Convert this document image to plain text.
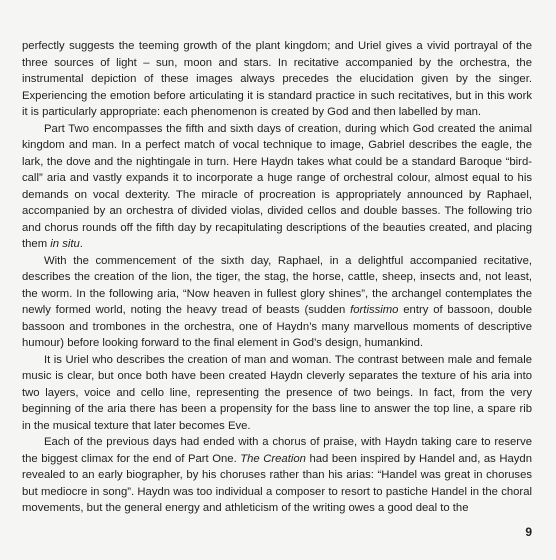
perfectly suggests the teeming growth of the plant kingdom; and Uriel gives a vivid portrayal of the three sources of light – sun, moon and stars. In recitative accompanied by the orchestra, the instrumental depiction of these images always precedes the elucidation given by the singer. Experiencing the emotion before articulating it is standard practice in such recitatives, but in this work it is particularly appropriate: each phenomenon is created by God and then labelled by man.

Part Two encompasses the fifth and sixth days of creation, during which God created the animal kingdom and man. In a perfect match of vocal technique to image, Gabriel describes the eagle, the lark, the dove and the nightingale in turn. Here Haydn takes what could be a standard Baroque “bird-call” aria and vastly expands it to incorporate a huge range of orchestral colour, almost equal to his demands on vocal dexterity. The miracle of procreation is appropriately announced by Raphael, accompanied by an orchestra of divided violas, divided cellos and double basses. The following trio and chorus rounds off the fifth day by recapitulating descriptions of the beauties created, and placing them in situ.

With the commencement of the sixth day, Raphael, in a delightful accompanied recitative, describes the creation of the lion, the tiger, the stag, the horse, cattle, sheep, insects and, not least, the worm. In the following aria, “Now heaven in fullest glory shines”, the archangel contemplates the newly formed world, noting the heavy tread of beasts (sudden fortissimo entry of bassoon, double bassoon and trombones in the orchestra, one of Haydn’s many marvellous moments of descriptive humour) before looking forward to the final element in God’s design, humankind.

It is Uriel who describes the creation of man and woman. The contrast between male and female music is clear, but once both have been created Haydn cleverly separates the texture of his aria into two layers, voice and cello line, representing the presence of two beings. In fact, from the very beginning of the aria there has been a propensity for the bass line to answer the top line, a spare rib in the musical texture that later becomes Eve.

Each of the previous days had ended with a chorus of praise, with Haydn taking care to reserve the biggest climax for the end of Part One. The Creation had been inspired by Handel and, as Haydn revealed to an early biographer, by his choruses rather than his arias: “Handel was great in choruses but mediocre in song”. Haydn was too individual a composer to resort to pastiche Handel in the choral movements, but the general energy and athleticism of the writing owes a good deal to the

9
